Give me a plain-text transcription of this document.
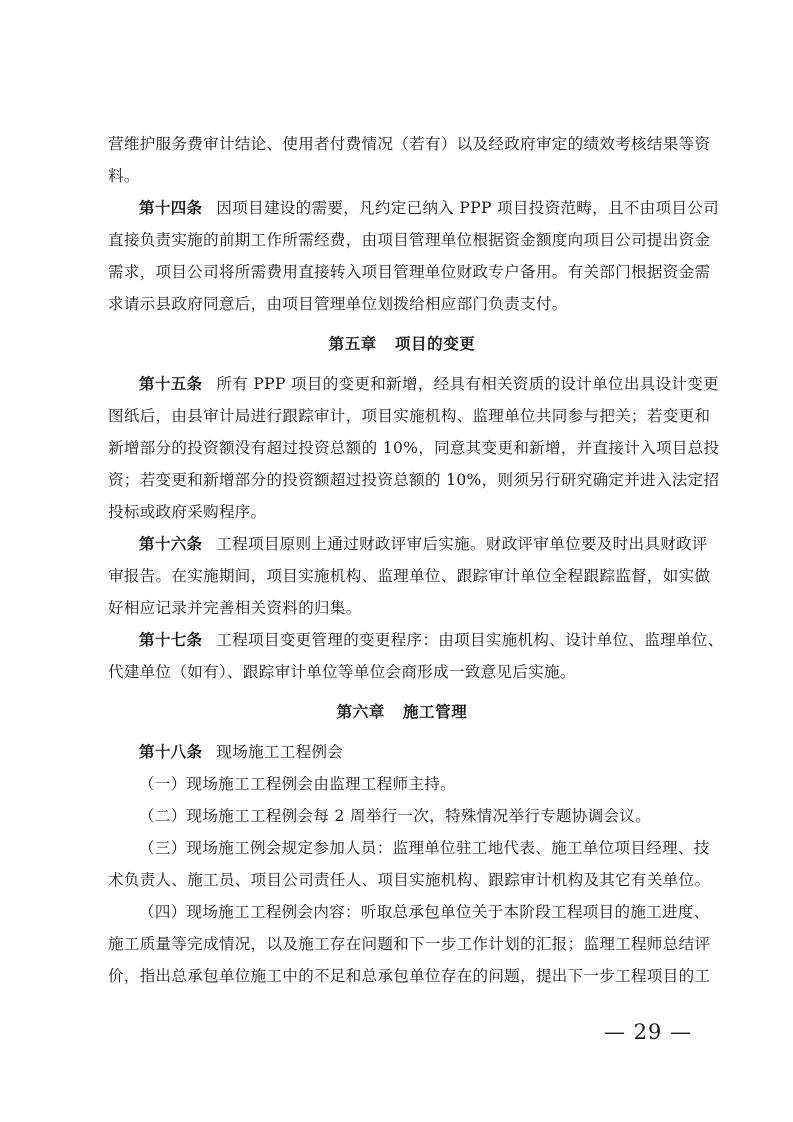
营维护服务费审计结论、使用者付费情况（若有）以及经政府审定的绩效考核结果等资
料。
第十四条 因项目建设的需要，凡约定已纳入 PPP 项目投资范畴，且不由项目公司
直接负责实施的前期工作所需经费，由项目管理单位根据资金额度向项目公司提出资金
需求，项目公司将所需费用直接转入项目管理单位财政专户备用。有关部门根据资金需
求请示县政府同意后，由项目管理单位划拨给相应部门负责支付。
第五章 项目的变更
第十五条 所有 PPP 项目的变更和新增，经具有相关资质的设计单位出具设计变更
图纸后，由县审计局进行跟踪审计，项目实施机构、监理单位共同参与把关；若变更和
新增部分的投资额没有超过投资总额的 10%，同意其变更和新增，并直接计入项目总投
资；若变更和新增部分的投资额超过投资总额的 10%，则须另行研究确定并进入法定招
投标或政府采购程序。
第十六条 工程项目原则上通过财政评审后实施。财政评审单位要及时出具财政评
审报告。在实施期间，项目实施机构、监理单位、跟踪审计单位全程跟踪监督，如实做
好相应记录并完善相关资料的归集。
第十七条 工程项目变更管理的变更程序：由项目实施机构、设计单位、监理单位、
代建单位（如有）、跟踪审计单位等单位会商形成一致意见后实施。
第六章 施工管理
第十八条 现场施工工程例会
（一）现场施工工程例会由监理工程师主持。
（二）现场施工工程例会每 2 周举行一次，特殊情况举行专题协调会议。
（三）现场施工例会规定参加人员：监理单位驻工地代表、施工单位项目经理、技
术负责人、施工员、项目公司责任人、项目实施机构、跟踪审计机构及其它有关单位。
（四）现场施工工程例会内容：听取总承包单位关于本阶段工程项目的施工进度、
施工质量等完成情况，以及施工存在问题和下一步工作计划的汇报；监理工程师总结评
价，指出总承包单位施工中的不足和总承包单位存在的问题，提出下一步工程项目的工
— 29 —
